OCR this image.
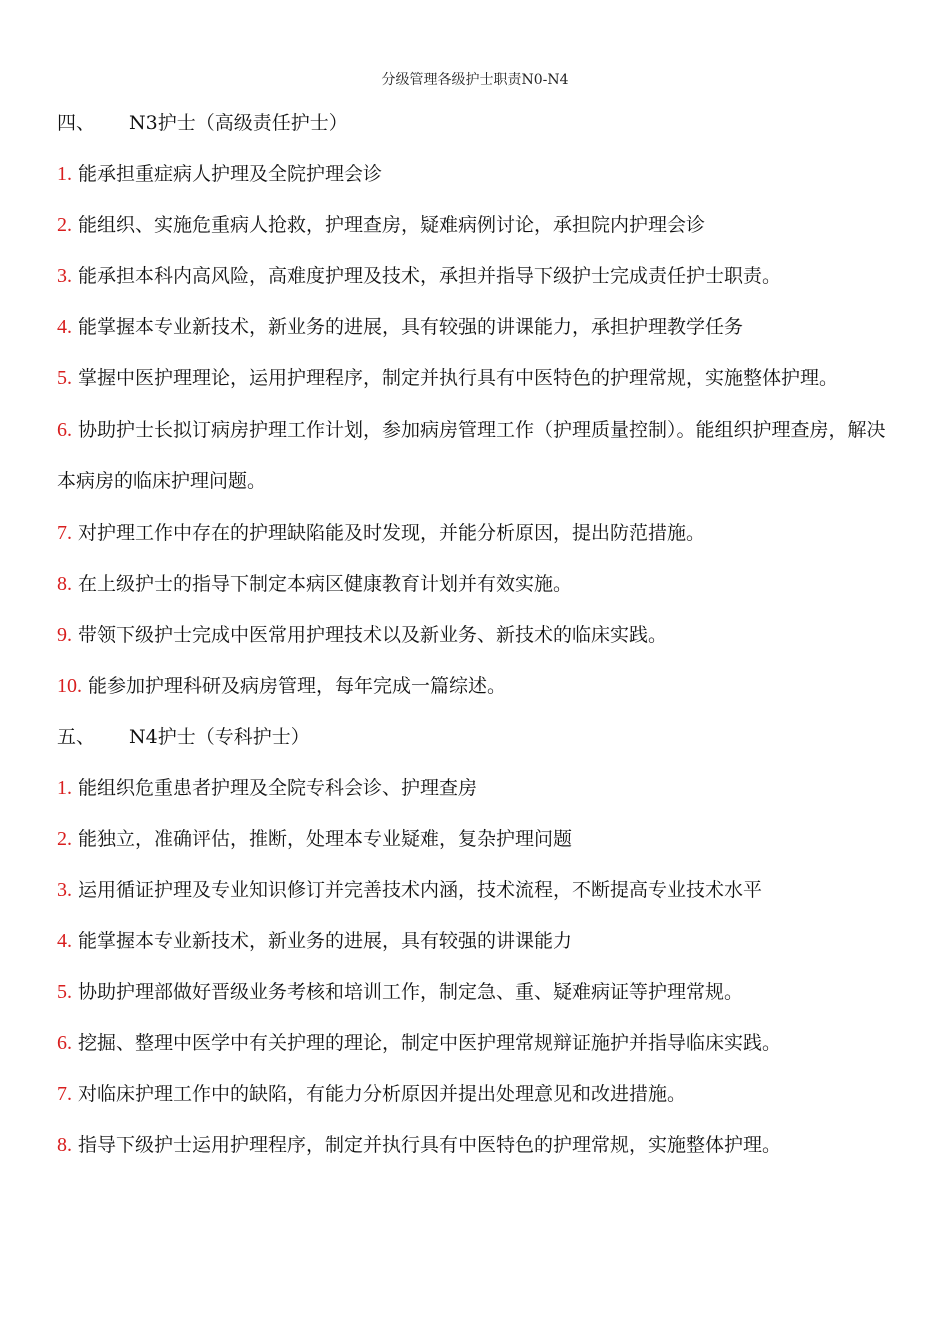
分级管理各级护士职责N0-N4
四、 N3护士（高级责任护士）
1. 能承担重症病人护理及全院护理会诊
2. 能组织、实施危重病人抢救，护理查房，疑难病例讨论，承担院内护理会诊
3. 能承担本科内高风险，高难度护理及技术，承担并指导下级护士完成责任护士职责。
4. 能掌握本专业新技术，新业务的进展，具有较强的讲课能力，承担护理教学任务
5. 掌握中医护理理论，运用护理程序，制定并执行具有中医特色的护理常规，实施整体护理。
6. 协助护士长拟订病房护理工作计划，参加病房管理工作（护理质量控制）。能组织护理查房，解决本病房的临床护理问题。
7. 对护理工作中存在的护理缺陷能及时发现，并能分析原因，提出防范措施。
8. 在上级护士的指导下制定本病区健康教育计划并有效实施。
9. 带领下级护士完成中医常用护理技术以及新业务、新技术的临床实践。
10. 能参加护理科研及病房管理，每年完成一篇综述。
五、 N4护士（专科护士）
1. 能组织危重患者护理及全院专科会诊、护理查房
2. 能独立，准确评估，推断，处理本专业疑难，复杂护理问题
3. 运用循证护理及专业知识修订并完善技术内涵，技术流程，不断提高专业技术水平
4. 能掌握本专业新技术，新业务的进展，具有较强的讲课能力
5. 协助护理部做好晋级业务考核和培训工作，制定急、重、疑难病证等护理常规。
6. 挖掘、整理中医学中有关护理的理论，制定中医护理常规辩证施护并指导临床实践。
7. 对临床护理工作中的缺陷，有能力分析原因并提出处理意见和改进措施。
8. 指导下级护士运用护理程序，制定并执行具有中医特色的护理常规，实施整体护理。
